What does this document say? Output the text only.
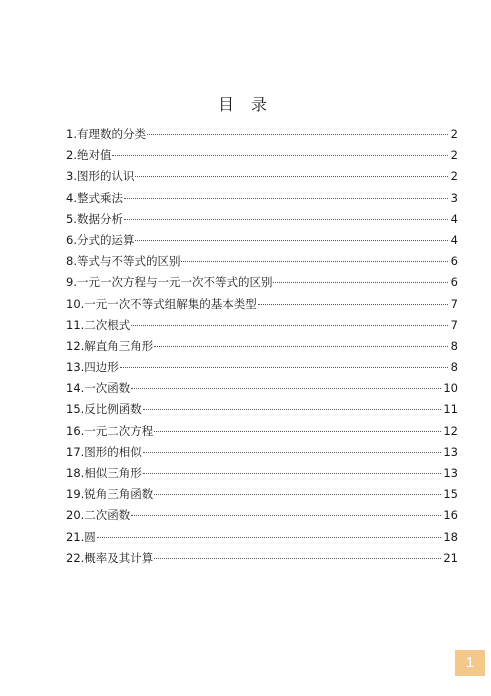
目 录
1.有理数的分类	2
2.绝对值	2
3.图形的认识	2
4.整式乘法	3
5.数据分析	4
6.分式的运算	4
8.等式与不等式的区别	6
9.一元一次方程与一元一次不等式的区别	6
10.一元一次不等式组解集的基本类型	7
11.二次根式	7
12.解直角三角形	8
13.四边形	8
14.一次函数	10
15.反比例函数	11
16.一元二次方程	12
17.图形的相似	13
18.相似三角形	13
19.锐角三角函数	15
20.二次函数	16
21.圆	18
22.概率及其计算	21
1
